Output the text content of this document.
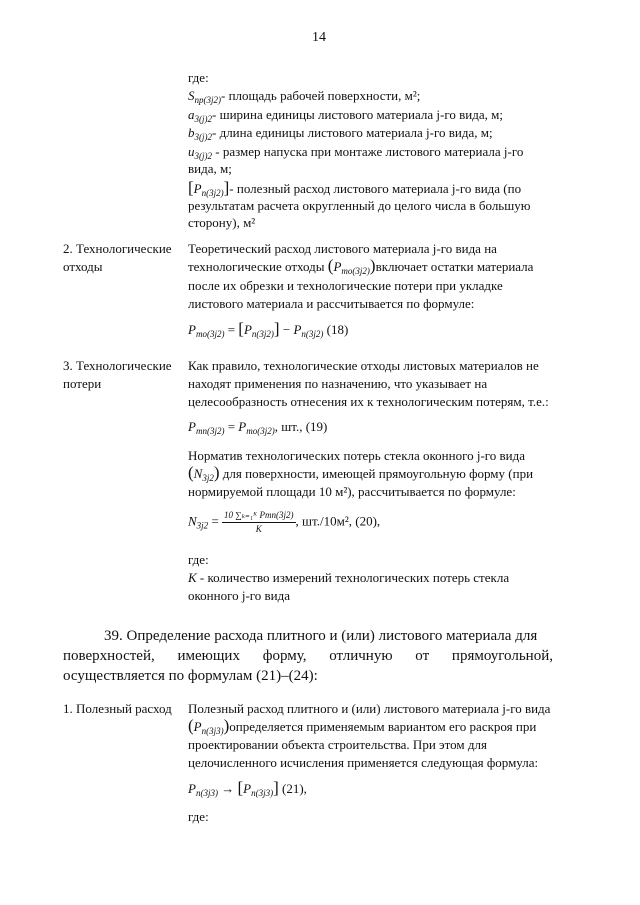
14
где:
$S_{пр(3j2)}-$ площадь рабочей поверхности, м²;
$a_{3(j)2}-$ ширина единицы листового материала j-го вида, м;
$b_{3(j)2}-$ длина единицы листового материала j-го вида, м;
$u_{3(j)2}$ - размер напуска при монтаже листового материала j-го
вида, м;
$[P_{п(3j2)}]-$ полезный расход листового материала j-го вида (по
результатам расчета округленный до целого числа в большую
сторону), м²
2. Технологические
отходы
Теоретический расход листового материала j-го вида на
технологические отходы $(P_{то(3j2)})включает$ остатки материала
после их обрезки и технологические потери при укладке
листового материала и рассчитывается по формуле:
$P_{то(3j2)} = [P_{п(3j2)}] - P_{п(3j2)}$ (18)
3. Технологические
потери
Как правило, технологические отходы листовых материалов не
находят применения по назначению, что указывает на
целесообразность отнесения их к технологическим потерям, т.е.:
$P_{тп(3j2)} = P_{то(3j2)}$, шт., (19)
Норматив технологических потерь стекла оконного j-го вида
$(N_{3j2})$ для поверхности, имеющей прямоугольную форму (при
нормируемой площади 10 м²), рассчитывается по формуле:
$N_{3j2} = \frac{\text{10 ∑ₖ₌₁ᴷ Pтп(3j2)}}{K}$ , шт./10м², (20),
где:
K - количество измерений технологических потерь стекла
оконного j-го вида
39. Определение расхода плитного и (или) листового материала для
поверхностей, имеющих форму, отличную от прямоугольной,
осуществляется по формулам (21)–(24):
1. Полезный расход Полезный расход плитного и (или) листового материала j-го вида
$(P_{п(3j3)})определяется$ применяемым вариантом его раскроя при
проектировании объекта строительства. При этом для
целочисленного исчисления применяется следующая формула:
$P_{п(3j3)} \to [P_{п(3j3)}]$ (21),
где:
